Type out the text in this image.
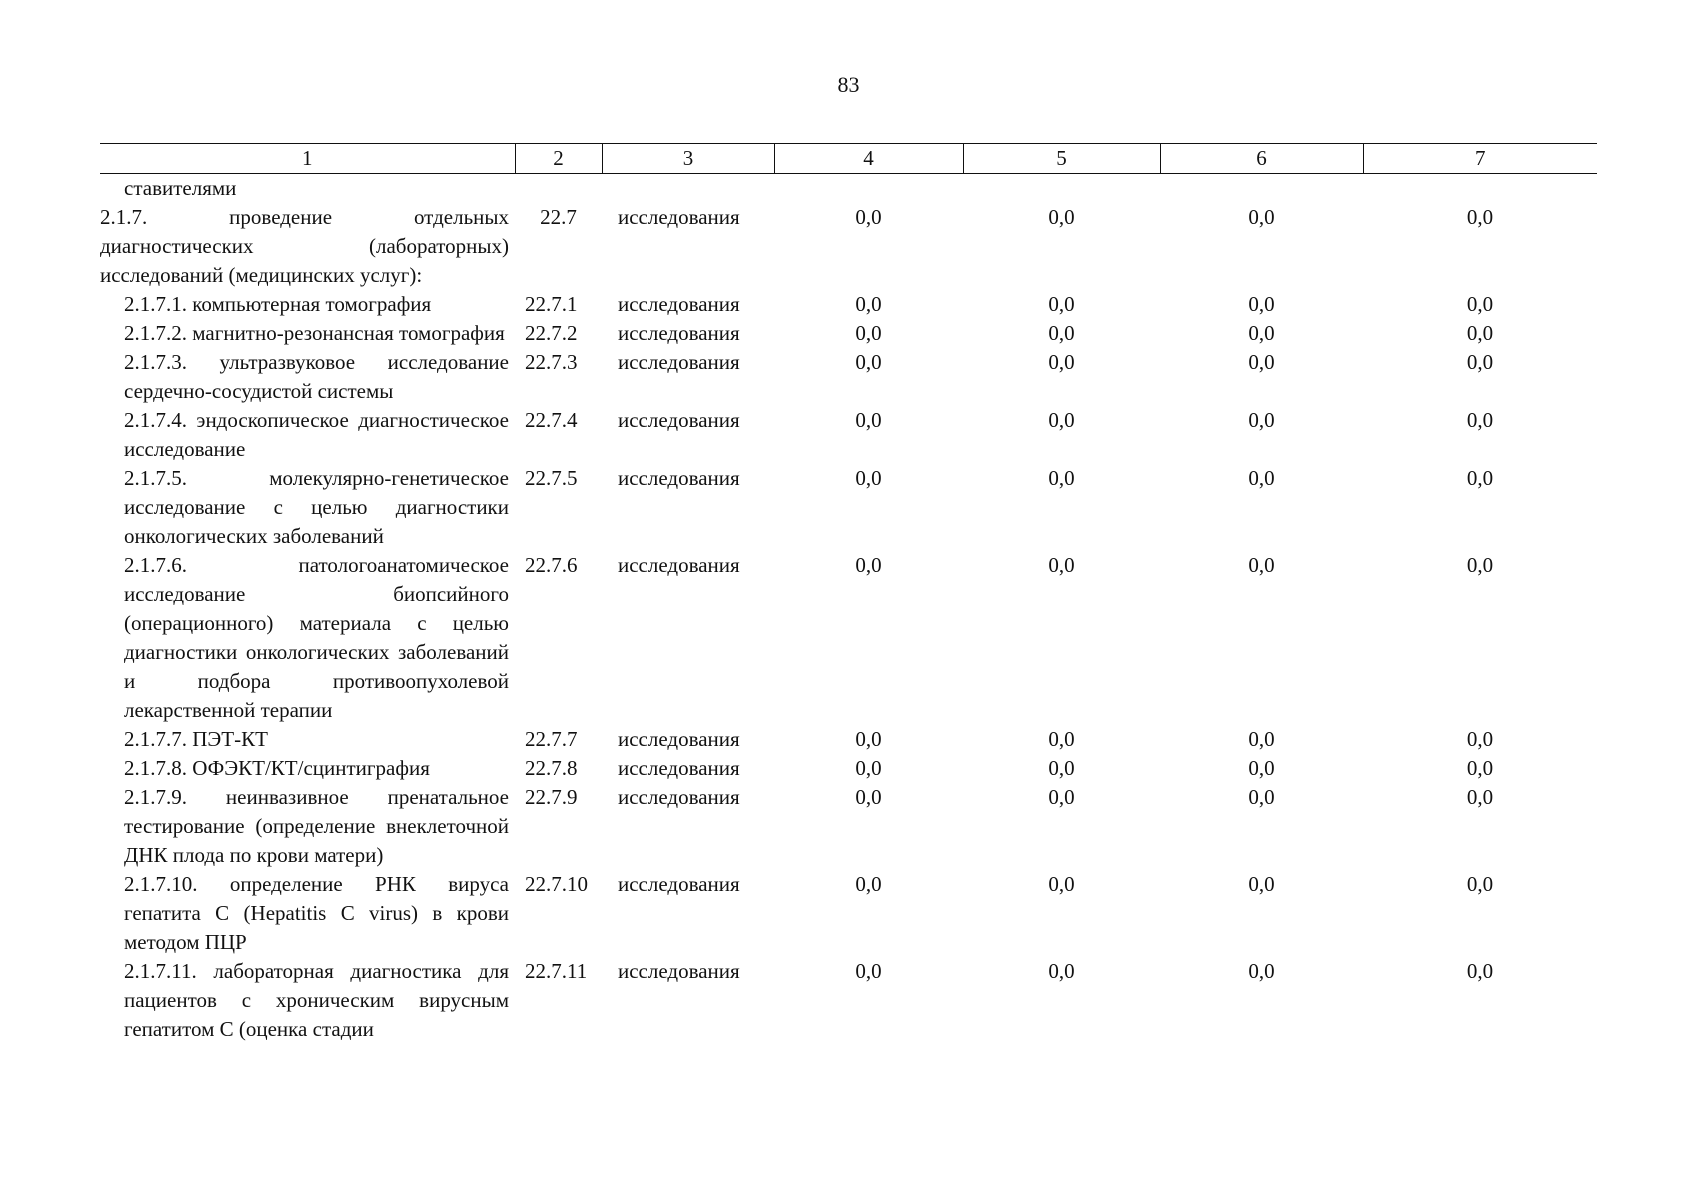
83
1	2	3	4	5	6	7
ставителями						
2.1.7. проведение отдельных диагностических (лабораторных) исследований (медицинских услуг):	22.7	исследования	0,0	0,0	0,0	0,0
2.1.7.1. компьютерная томография	22.7.1	исследования	0,0	0,0	0,0	0,0
2.1.7.2. магнитно-резонансная томография	22.7.2	исследования	0,0	0,0	0,0	0,0
2.1.7.3. ультразвуковое исследование сердечно-сосудистой системы	22.7.3	исследования	0,0	0,0	0,0	0,0
2.1.7.4. эндоскопическое диагностическое исследование	22.7.4	исследования	0,0	0,0	0,0	0,0
2.1.7.5. молекулярно-генетическое исследование с целью диагностики онкологических заболеваний	22.7.5	исследования	0,0	0,0	0,0	0,0
2.1.7.6. патологоанатомическое исследование биопсийного (операционного) материала с целью диагностики онкологических заболеваний и подбора противоопухолевой лекарственной терапии	22.7.6	исследования	0,0	0,0	0,0	0,0
2.1.7.7. ПЭТ-КТ	22.7.7	исследования	0,0	0,0	0,0	0,0
2.1.7.8. ОФЭКТ/КТ/сцинтиграфия	22.7.8	исследования	0,0	0,0	0,0	0,0
2.1.7.9. неинвазивное пренатальное тестирование (определение внеклеточной ДНК плода по крови матери)	22.7.9	исследования	0,0	0,0	0,0	0,0
2.1.7.10. определение РНК вируса гепатита С (Hepatitis C virus) в крови методом ПЦР	22.7.10	исследования	0,0	0,0	0,0	0,0
2.1.7.11. лабораторная диагностика для пациентов с хроническим вирусным гепатитом С (оценка стадии	22.7.11	исследования	0,0	0,0	0,0	0,0
